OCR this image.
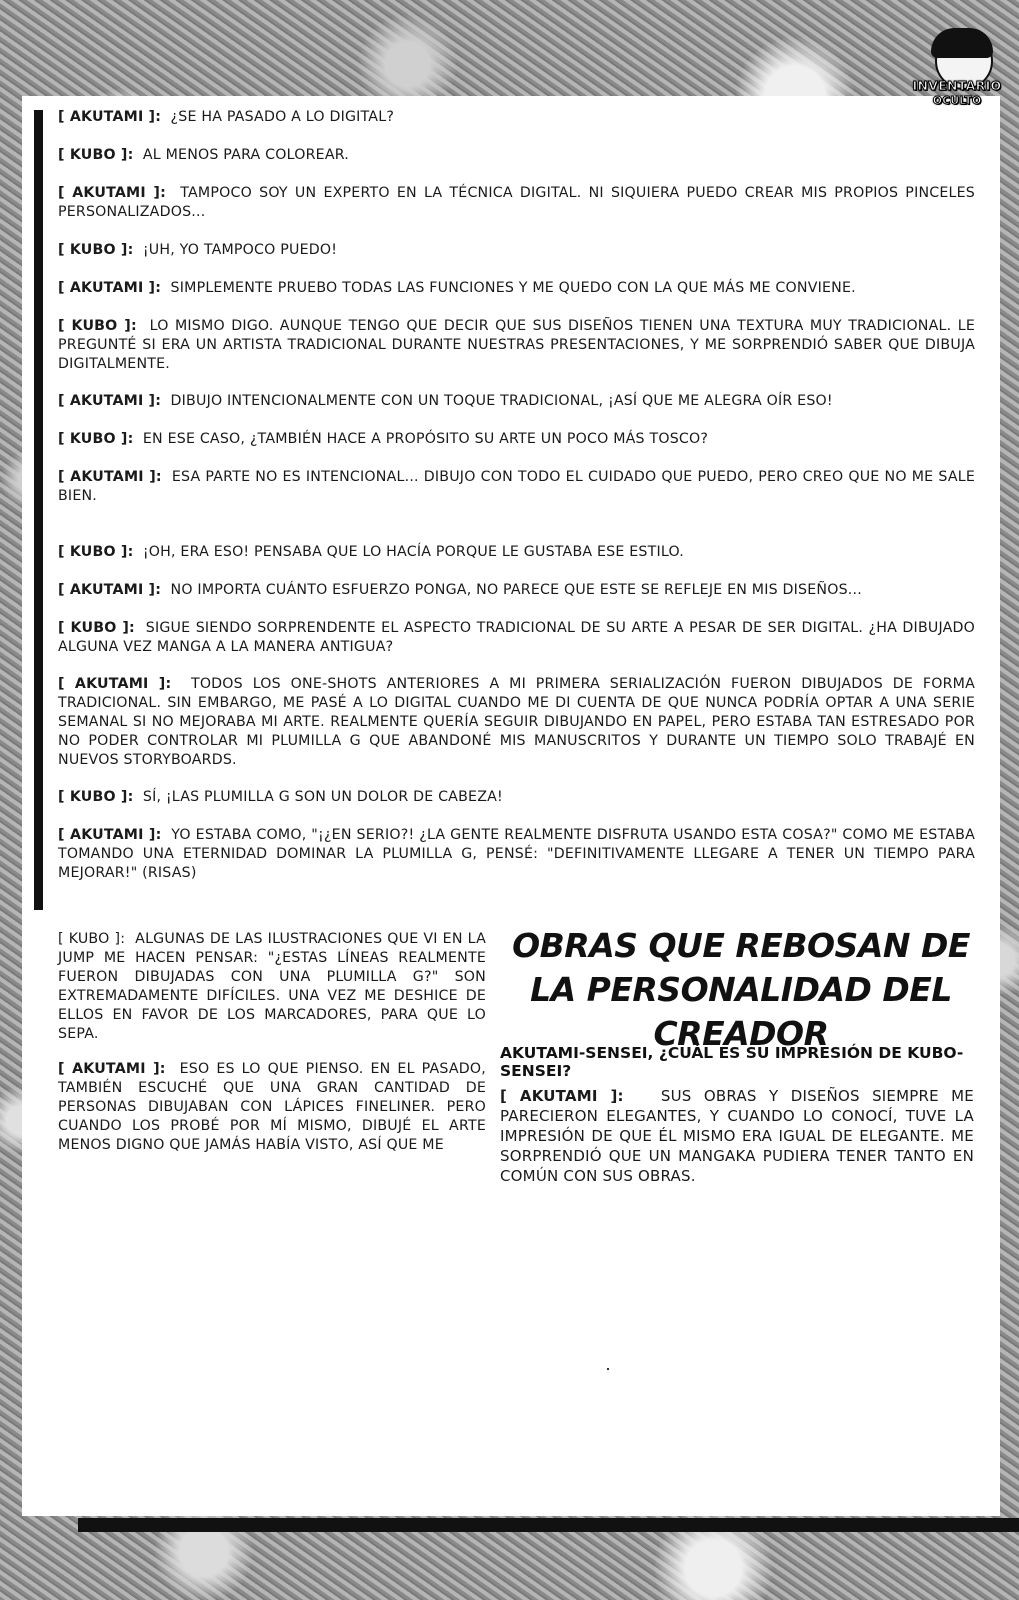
INVENTARIO
OCULTO
[ AKUTAMI ]: ¿SE HA PASADO A LO DIGITAL?
[ KUBO ]: AL MENOS PARA COLOREAR.
[ AKUTAMI ]: TAMPOCO SOY UN EXPERTO EN LA TÉCNICA DIGITAL. NI SIQUIERA PUEDO CREAR MIS PROPIOS PINCELES PERSONALIZADOS...
[ KUBO ]: ¡UH, YO TAMPOCO PUEDO!
[ AKUTAMI ]: SIMPLEMENTE PRUEBO TODAS LAS FUNCIONES Y ME QUEDO CON LA QUE MÁS ME CONVIENE.
[ KUBO ]: LO MISMO DIGO. AUNQUE TENGO QUE DECIR QUE SUS DISEÑOS TIENEN UNA TEXTURA MUY TRADICIONAL. LE PREGUNTÉ SI ERA UN ARTISTA TRADICIONAL DURANTE NUESTRAS PRESENTACIONES, Y ME SORPRENDIÓ SABER QUE DIBUJA DIGITALMENTE.
[ AKUTAMI ]: DIBUJO INTENCIONALMENTE CON UN TOQUE TRADICIONAL, ¡ASÍ QUE ME ALEGRA OÍR ESO!
[ KUBO ]: EN ESE CASO, ¿TAMBIÉN HACE A PROPÓSITO SU ARTE UN POCO MÁS TOSCO?
[ AKUTAMI ]: ESA PARTE NO ES INTENCIONAL... DIBUJO CON TODO EL CUIDADO QUE PUEDO, PERO CREO QUE NO ME SALE BIEN.
[ KUBO ]: ¡OH, ERA ESO! PENSABA QUE LO HACÍA PORQUE LE GUSTABA ESE ESTILO.
[ AKUTAMI ]: NO IMPORTA CUÁNTO ESFUERZO PONGA, NO PARECE QUE ESTE SE REFLEJE EN MIS DISEÑOS...
[ KUBO ]: SIGUE SIENDO SORPRENDENTE EL ASPECTO TRADICIONAL DE SU ARTE A PESAR DE SER DIGITAL. ¿HA DIBUJADO ALGUNA VEZ MANGA A LA MANERA ANTIGUA?
[ AKUTAMI ]: TODOS LOS ONE-SHOTS ANTERIORES A MI PRIMERA SERIALIZACIÓN FUERON DIBUJADOS DE FORMA TRADICIONAL. SIN EMBARGO, ME PASÉ A LO DIGITAL CUANDO ME DI CUENTA DE QUE NUNCA PODRÍA OPTAR A UNA SERIE SEMANAL SI NO MEJORABA MI ARTE. REALMENTE QUERÍA SEGUIR DIBUJANDO EN PAPEL, PERO ESTABA TAN ESTRESADO POR NO PODER CONTROLAR MI PLUMILLA G QUE ABANDONÉ MIS MANUSCRITOS Y DURANTE UN TIEMPO SOLO TRABAJÉ EN NUEVOS STORYBOARDS.
[ KUBO ]: SÍ, ¡LAS PLUMILLA G SON UN DOLOR DE CABEZA!
[ AKUTAMI ]: YO ESTABA COMO, "¡¿EN SERIO?! ¿LA GENTE REALMENTE DISFRUTA USANDO ESTA COSA?" COMO ME ESTABA TOMANDO UNA ETERNIDAD DOMINAR LA PLUMILLA G, PENSÉ: "DEFINITIVAMENTE LLEGARE A TENER UN TIEMPO PARA MEJORAR!" (RISAS)
[ KUBO ]: ALGUNAS DE LAS ILUSTRACIONES QUE VI EN LA JUMP ME HACEN PENSAR: "¿ESTAS LÍNEAS REALMENTE FUERON DIBUJADAS CON UNA PLUMILLA G?" SON EXTREMADAMENTE DIFÍCILES. UNA VEZ ME DESHICE DE ELLOS EN FAVOR DE LOS MARCADORES, PARA QUE LO SEPA.
[ AKUTAMI ]: ESO ES LO QUE PIENSO. EN EL PASADO, TAMBIÉN ESCUCHÉ QUE UNA GRAN CANTIDAD DE PERSONAS DIBUJABAN CON LÁPICES FINELINER. PERO CUANDO LOS PROBÉ POR MÍ MISMO, DIBUJÉ EL ARTE MENOS DIGNO QUE JAMÁS HABÍA VISTO, ASÍ QUE ME
OBRAS QUE REBOSAN DE LA PERSONALIDAD DEL CREADOR
AKUTAMI-SENSEI, ¿CUÁL ES SU IMPRESIÓN DE KUBO-SENSEI?
[ AKUTAMI ]: SUS OBRAS Y DISEÑOS SIEMPRE ME PARECIERON ELEGANTES, Y CUANDO LO CONOCÍ, TUVE LA IMPRESIÓN DE QUE ÉL MISMO ERA IGUAL DE ELEGANTE. ME SORPRENDIÓ QUE UN MANGAKA PUDIERA TENER TANTO EN COMÚN CON SUS OBRAS.
